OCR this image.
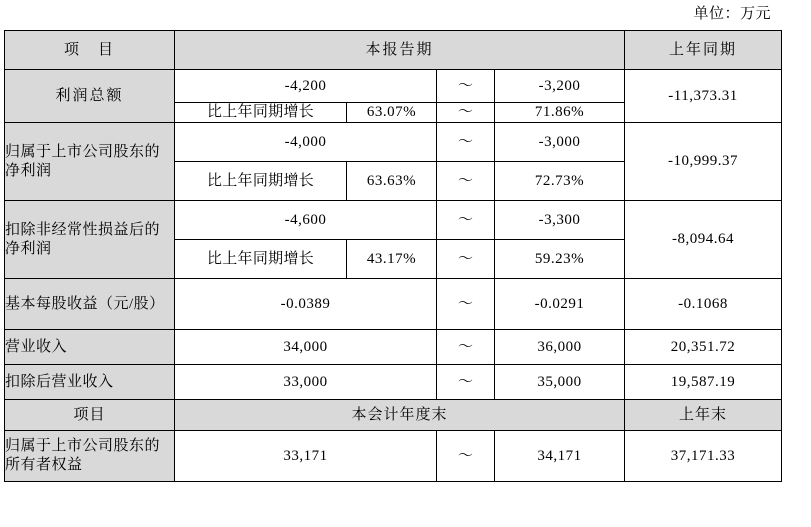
单位：万元
项　目	本报告期				上年同期
利润总额	-4,200		～	-3,200	-11,373.31
	比上年同期增长	63.07%	～	71.86%	
归属于上市公司股东的净利润	-4,000		～	-3,000	-10,999.37
	比上年同期增长	63.63%	～	72.73%	
扣除非经常性损益后的净利润	-4,600		～	-3,300	-8,094.64
	比上年同期增长	43.17%	～	59.23%	
基本每股收益（元/股）	-0.0389		～	-0.0291	-0.1068
营业收入	34,000		～	36,000	20,351.72
扣除后营业收入	33,000		～	35,000	19,587.19
项目	本会计年度末				上年末
归属于上市公司股东的所有者权益	33,171		～	34,171	37,171.33
